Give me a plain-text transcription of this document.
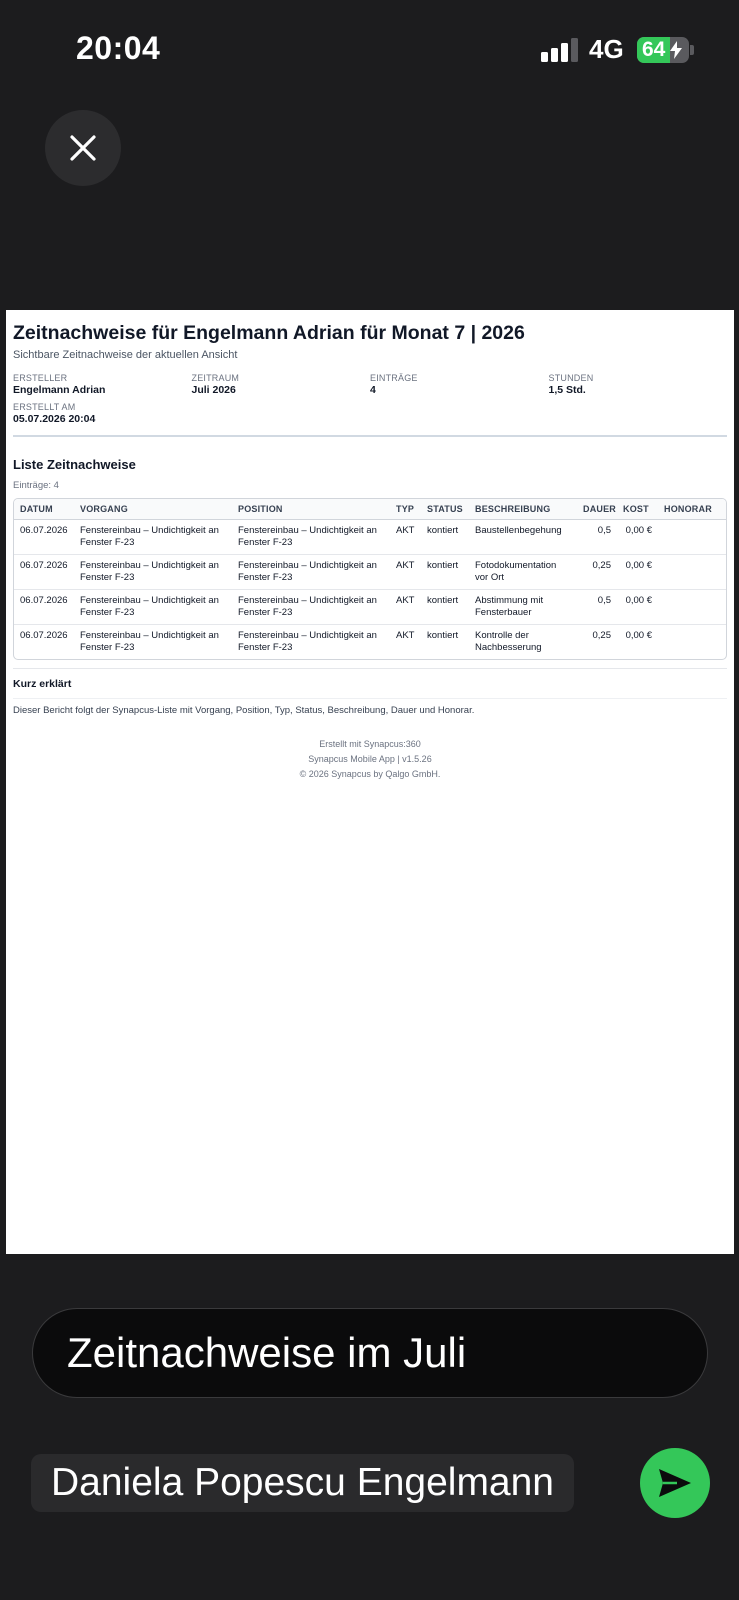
20:04	4G 64
Zeitnachweise für Engelmann Adrian für Monat 7 | 2026
Sichtbare Zeitnachweise der aktuellen Ansicht
ERSTELLER
Engelmann Adrian
ZEITRAUM
Juli 2026
EINTRÄGE
4
STUNDEN
1,5 Std.
ERSTELLT AM
05.07.2026 20:04
Liste Zeitnachweise
Einträge: 4
DATUM	VORGANG	POSITION	TYP	STATUS	BESCHREIBUNG	DAUER	KOST	HONORAR
06.07.2026	Fenstereinbau – Undichtigkeit an Fenster F-23	Fenstereinbau – Undichtigkeit an Fenster F-23	AKT	kontiert	Baustellenbegehung	0,5	0,00 €	
06.07.2026	Fenstereinbau – Undichtigkeit an Fenster F-23	Fenstereinbau – Undichtigkeit an Fenster F-23	AKT	kontiert	Fotodokumentation vor Ort	0,25	0,00 €	
06.07.2026	Fenstereinbau – Undichtigkeit an Fenster F-23	Fenstereinbau – Undichtigkeit an Fenster F-23	AKT	kontiert	Abstimmung mit Fensterbauer	0,5	0,00 €	
06.07.2026	Fenstereinbau – Undichtigkeit an Fenster F-23	Fenstereinbau – Undichtigkeit an Fenster F-23	AKT	kontiert	Kontrolle der Nachbesserung	0,25	0,00 €	
Kurz erklärt
Dieser Bericht folgt der Synapcus-Liste mit Vorgang, Position, Typ, Status, Beschreibung, Dauer und Honorar.
Erstellt mit Synapcus:360
Synapcus Mobile App | v1.5.26
© 2026 Synapcus by Qalgo GmbH.
Zeitnachweise im Juli
Daniela Popescu Engelmann
